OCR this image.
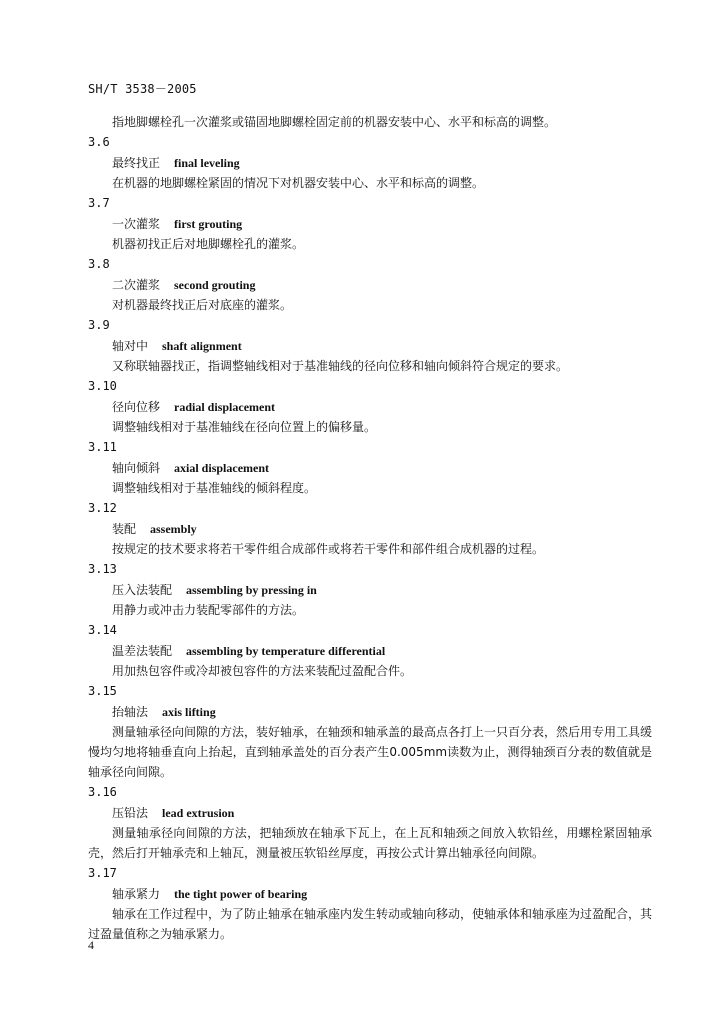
SH/T 3538－2005

指地脚螺栓孔一次灌浆或锚固地脚螺栓固定前的机器安装中心、水平和标高的调整。

3.6

最终找正 final leveling

在机器的地脚螺栓紧固的情况下对机器安装中心、水平和标高的调整。

3.7

一次灌浆 first grouting

机器初找正后对地脚螺栓孔的灌浆。

3.8

二次灌浆 second grouting

对机器最终找正后对底座的灌浆。

3.9

轴对中 shaft alignment

又称联轴器找正，指调整轴线相对于基准轴线的径向位移和轴向倾斜符合规定的要求。

3.10

径向位移 radial displacement

调整轴线相对于基准轴线在径向位置上的偏移量。

3.11

轴向倾斜 axial displacement

调整轴线相对于基准轴线的倾斜程度。

3.12

装配 assembly

按规定的技术要求将若干零件组合成部件或将若干零件和部件组合成机器的过程。

3.13

压入法装配 assembling by pressing in

用静力或冲击力装配零部件的方法。

3.14

温差法装配 assembling by temperature differential

用加热包容件或冷却被包容件的方法来装配过盈配合件。

3.15

抬轴法 axis lifting

测量轴承径向间隙的方法，装好轴承，在轴颈和轴承盖的最高点各打上一只百分表，然后用专用工具缓慢均匀地将轴垂直向上抬起，直到轴承盖处的百分表产生0.005mm读数为止，测得轴颈百分表的数值就是轴承径向间隙。

3.16

压铅法 lead extrusion

测量轴承径向间隙的方法，把轴颈放在轴承下瓦上，在上瓦和轴颈之间放入软铅丝，用螺栓紧固轴承壳，然后打开轴承壳和上轴瓦，测量被压软铅丝厚度，再按公式计算出轴承径向间隙。

3.17

轴承紧力 the tight power of bearing

轴承在工作过程中，为了防止轴承在轴承座内发生转动或轴向移动，使轴承体和轴承座为过盈配合，其过盈量值称之为轴承紧力。

4
